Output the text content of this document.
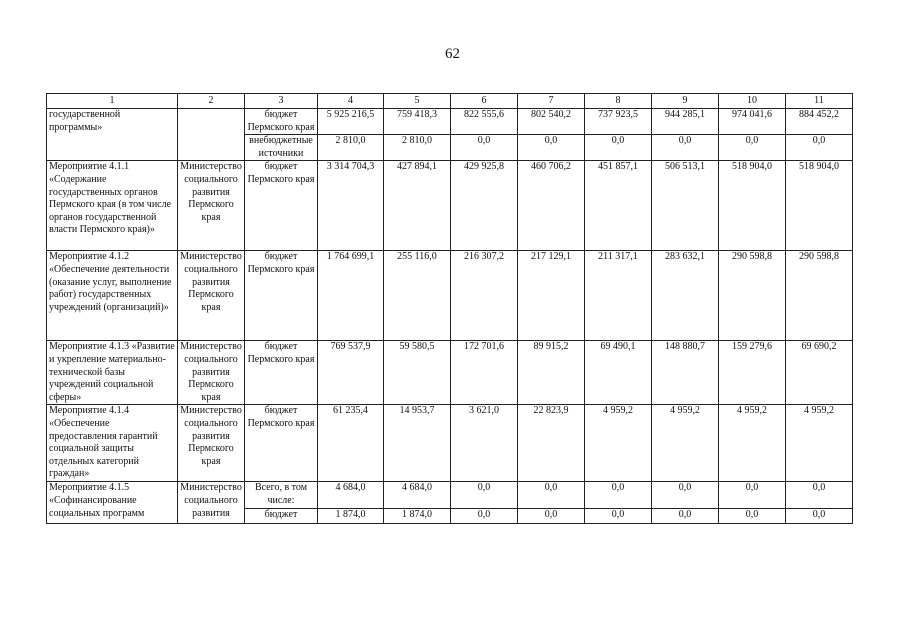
62
1	2	3	4	5	6	7	8	9	10	11
государственной программы»		бюджет Пермского края	5 925 216,5	759 418,3	822 555,6	802 540,2	737 923,5	944 285,1	974 041,6	884 452,2
		внебюджетные источники	2 810,0	2 810,0	0,0	0,0	0,0	0,0	0,0	0,0
Мероприятие 4.1.1 «Содержание государственных органов Пермского края (в том числе органов государственной власти Пермского края)»	Министерство социального развития Пермского края	бюджет Пермского края	3 314 704,3	427 894,1	429 925,8	460 706,2	451 857,1	506 513,1	518 904,0	518 904,0
Мероприятие 4.1.2 «Обеспечение деятельности (оказание услуг, выполнение работ) государственных учреждений (организаций)»	Министерство социального развития Пермского края	бюджет Пермского края	1 764 699,1	255 116,0	216 307,2	217 129,1	211 317,1	283 632,1	290 598,8	290 598,8
Мероприятие 4.1.3 «Развитие и укрепление материально-технической базы учреждений социальной сферы»	Министерство социального развития Пермского края	бюджет Пермского края	769 537,9	59 580,5	172 701,6	89 915,2	69 490,1	148 880,7	159 279,6	69 690,2
Мероприятие 4.1.4 «Обеспечение предоставления гарантий социальной защиты отдельных категорий граждан»	Министерство социального развития Пермского края	бюджет Пермского края	61 235,4	14 953,7	3 621,0	22 823,9	4 959,2	4 959,2	4 959,2	4 959,2
Мероприятие 4.1.5 «Софинансирование социальных программ	Министерство социального развития	Всего, в том числе:	4 684,0	4 684,0	0,0	0,0	0,0	0,0	0,0	0,0
		бюджет	1 874,0	1 874,0	0,0	0,0	0,0	0,0	0,0	0,0
